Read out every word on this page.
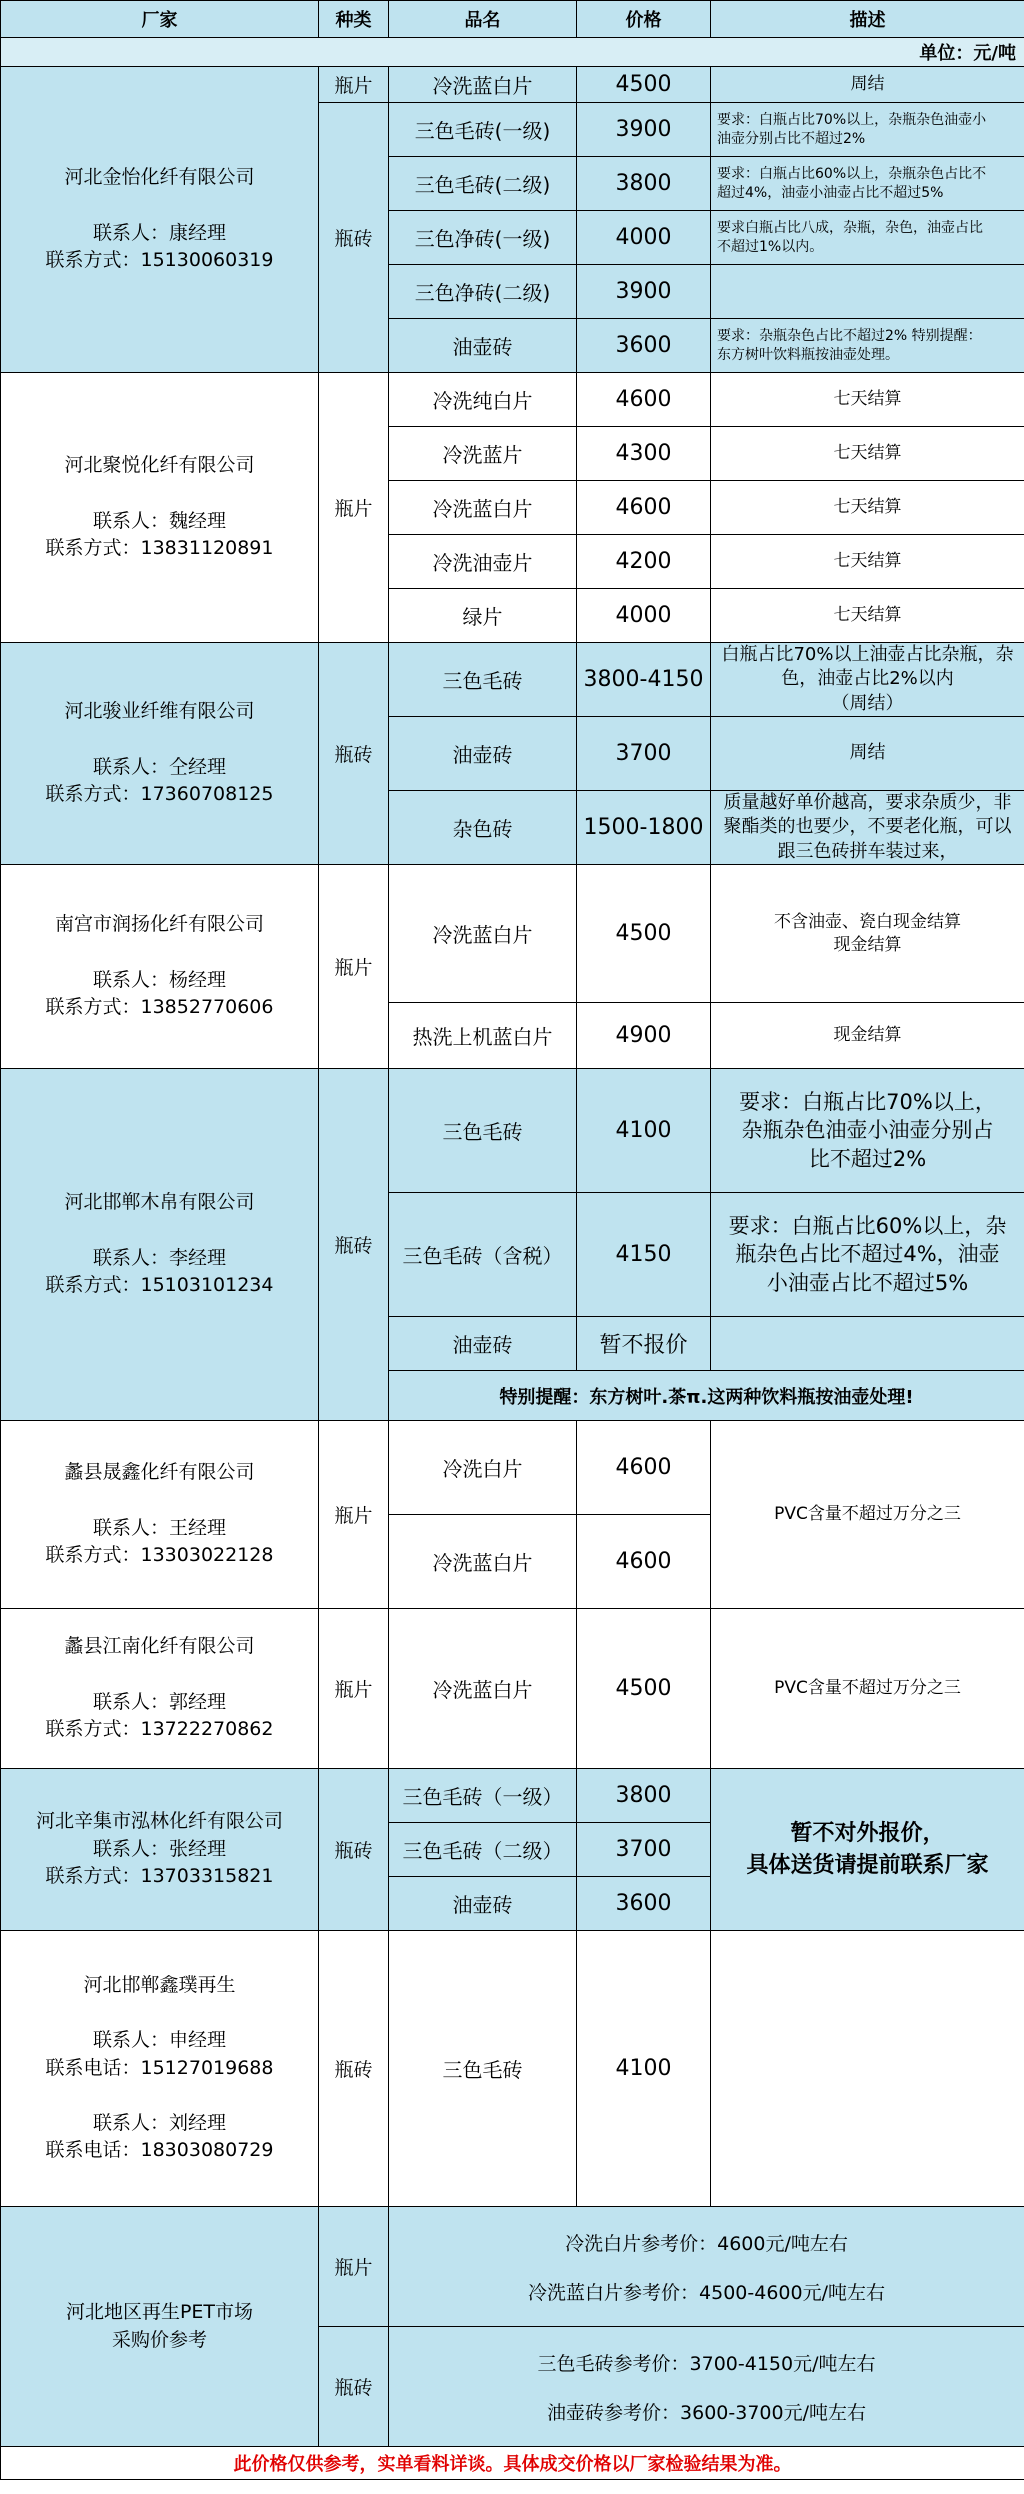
厂家	种类	品名	价格	描述
单位：元/吨				
河北金怡化纤有限公司

联系人：康经理
联系方式：15130060319	瓶片	冷洗蓝白片	4500	周结
	瓶砖	三色毛砖(一级)	3900	要求：白瓶占比70%以上，杂瓶杂色油壶小
油壶分别占比不超过2%
		三色毛砖(二级)	3800	要求：白瓶占比60%以上，杂瓶杂色占比不
超过4%，油壶小油壶占比不超过5%
		三色净砖(一级)	4000	要求白瓶占比八成，杂瓶，杂色，油壶占比
不超过1%以内。
		三色净砖(二级)	3900	
		油壶砖	3600	要求：杂瓶杂色占比不超过2% 特别提醒：
东方树叶饮料瓶按油壶处理。
河北聚悦化纤有限公司

联系人：魏经理
联系方式：13831120891	瓶片	冷洗纯白片	4600	七天结算
		冷洗蓝片	4300	七天结算
		冷洗蓝白片	4600	七天结算
		冷洗油壶片	4200	七天结算
		绿片	4000	七天结算
河北骏业纤维有限公司

联系人：仝经理
联系方式：17360708125	瓶砖	三色毛砖	3800-4150	白瓶占比70%以上油壶占比杂瓶，杂
色，油壶占比2%以内
（周结）
		油壶砖	3700	周结
		杂色砖	1500-1800	质量越好单价越高，要求杂质少，非
聚酯类的也要少，不要老化瓶，可以
跟三色砖拼车装过来，
南宫市润扬化纤有限公司

联系人：杨经理
联系方式：13852770606	瓶片	冷洗蓝白片	4500	不含油壶、瓷白现金结算
现金结算
		热洗上机蓝白片	4900	现金结算
河北邯郸木帛有限公司

联系人：李经理
联系方式：15103101234	瓶砖	三色毛砖	4100	要求：白瓶占比70%以上，
杂瓶杂色油壶小油壶分别占
比不超过2%
		三色毛砖（含税）	4150	要求：白瓶占比60%以上，杂
瓶杂色占比不超过4%，油壶
小油壶占比不超过5%
		油壶砖	暂不报价	
		特别提醒：东方树叶.茶π.这两种饮料瓶按油壶处理!		
蠡县晟鑫化纤有限公司

联系人：王经理
联系方式：13303022128	瓶片	冷洗白片	4600	PVC含量不超过万分之三
		冷洗蓝白片	4600	
蠡县江南化纤有限公司

联系人：郭经理
联系方式：13722270862	瓶片	冷洗蓝白片	4500	PVC含量不超过万分之三
河北辛集市泓林化纤有限公司
联系人：张经理
联系方式：13703315821	瓶砖	三色毛砖（一级）	3800	暂不对外报价，
具体送货请提前联系厂家
		三色毛砖（二级）	3700	
		油壶砖	3600	
河北邯郸鑫璞再生

联系人：申经理
联系电话：15127019688

联系人：刘经理
联系电话：18303080729	瓶砖	三色毛砖	4100	
河北地区再生PET市场
采购价参考	瓶片	冷洗白片参考价：4600元/吨左右

冷洗蓝白片参考价：4500-4600元/吨左右		
	瓶砖	三色毛砖参考价：3700-4150元/吨左右

油壶砖参考价：3600-3700元/吨左右		
此价格仅供参考，实单看料详谈。具体成交价格以厂家检验结果为准。				
